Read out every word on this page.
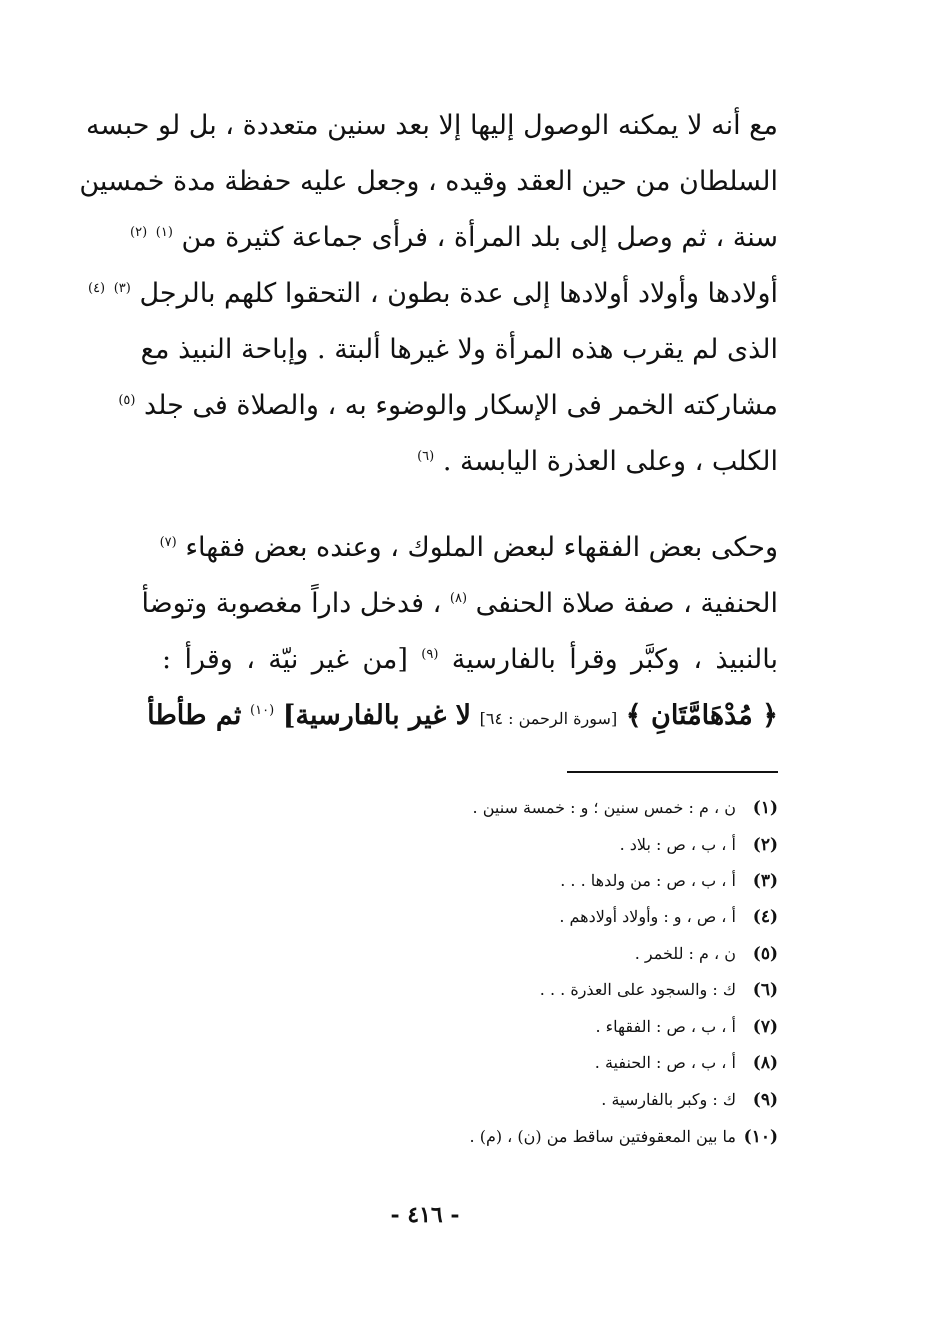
مع أنه لا يمكنه الوصول إليها إلا بعد سنين متعددة ، بل لو حبسه
السلطان من حين العقد وقيده ، وجعل عليه حفظة مدة خمسين
سنة ، ثم وصل إلى بلد المرأة ، فرأى جماعة كثيرة من $^{(١)}$ $^{(٢)}$
أولادها وأولاد أولادها إلى عدة بطون ، التحقوا كلهم بالرجل $^{(٣)}$ $^{(٤)}$
الذى لم يقرب هذه المرأة ولا غيرها ألبتة . وإباحة النبيذ مع
مشاركته الخمر فى الإسكار والوضوء به ، والصلاة فى جلد $^{(٥)}$
الكلب ، وعلى العذرة اليابسة . $^{(٦)}$
وحكى بعض الفقهاء لبعض الملوك ، وعنده بعض فقهاء $^{(٧)}$
الحنفية ، صفة صلاة الحنفى $^{(٨)}$ ، فدخل داراً مغصوبة وتوضأ
بالنبيذ ، وكبَّر وقرأ بالفارسية $^{(٩)}$ [من غير نيّة ، وقرأ :
﴿ مُدْهَامَّتَانِ ﴾ [سورة الرحمن : ٦٤] لا غير بالفارسية] $^{(١٠)}$ ثم طأطأ
(١)ن ، م : خمس سنين ؛ و : خمسة سنين .
(٢)أ ، ب ، ص : بلاد .
(٣)أ ، ب ، ص : من ولدها . . .
(٤)أ ، ص ، و : وأولاد أولادهم .
(٥)ن ، م : للخمر .
(٦)ك : والسجود على العذرة . . .
(٧)أ ، ب ، ص : الفقهاء .
(٨)أ ، ب ، ص : الحنفية .
(٩)ك : وكبر بالفارسية .
(١٠)ما بين المعقوفتين ساقط من (ن) ، (م) .
- ٤١٦ -
